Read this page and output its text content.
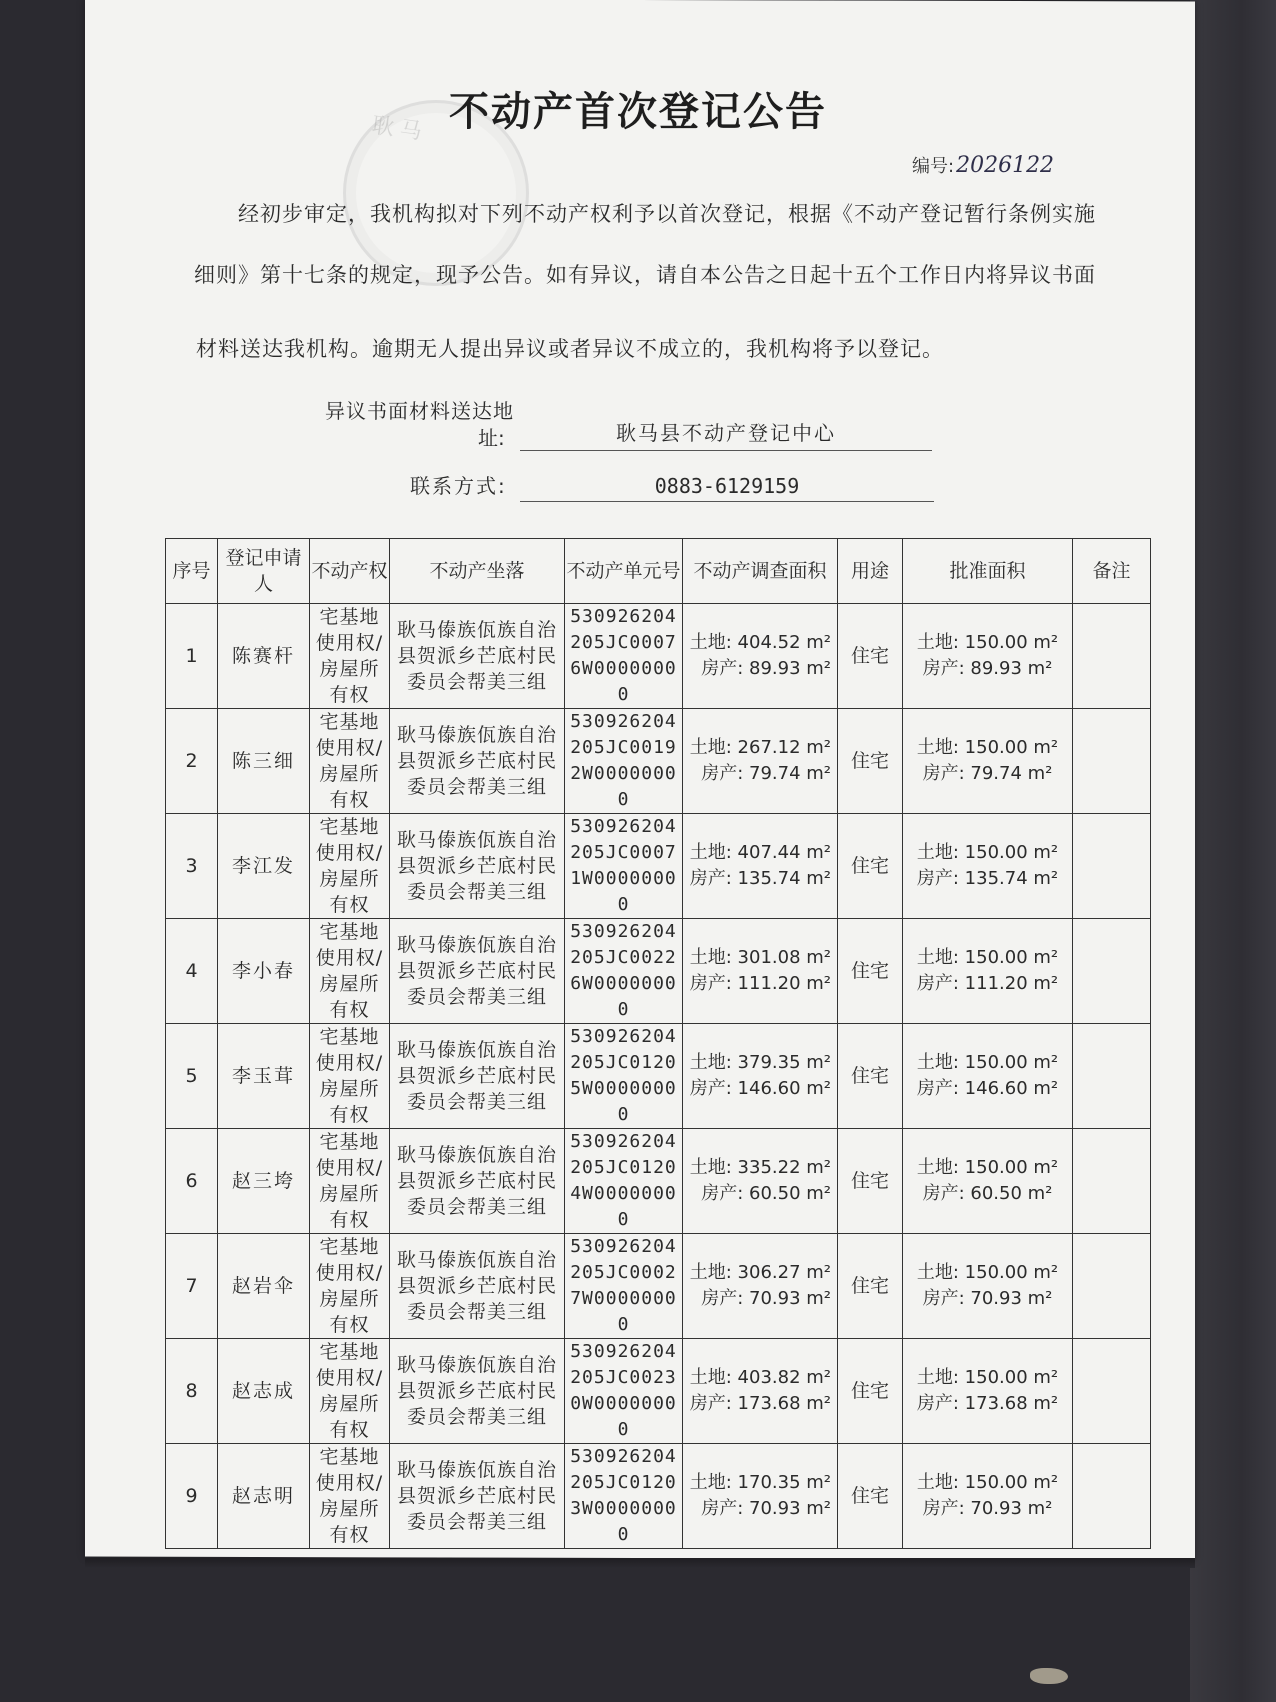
耿马 不动产首次登记公告
编号:2026122
经初步审定，我机构拟对下列不动产权利予以首次登记，根据《不动产登记暂行条例实施
细则》第十七条的规定，现予公告。如有异议，请自本公告之日起十五个工作日内将异议书面
材料送达我机构。逾期无人提出异议或者异议不成立的，我机构将予以登记。
异议书面材料送达地
址:	耿马县不动产登记中心
联系方式:	0883-6129159
序号	登记申请人	不动产权	不动产坐落	不动产单元号	不动产调查面积	用途	批准面积	备注
1	陈赛杆	宅基地使用权/房屋所有权	耿马傣族佤族自治县贺派乡芒底村民委员会帮美三组	530926204205JC00076W00000000	土地: 404.52 m²
房产: 89.93 m²	住宅	土地: 150.00 m²
房产: 89.93 m²	

2	陈三细	宅基地使用权/房屋所有权	耿马傣族佤族自治县贺派乡芒底村民委员会帮美三组	530926204205JC00192W00000000	土地: 267.12 m²
房产: 79.74 m²	住宅	土地: 150.00 m²
房产: 79.74 m²	

3	李江发	宅基地使用权/房屋所有权	耿马傣族佤族自治县贺派乡芒底村民委员会帮美三组	530926204205JC00071W00000000	土地: 407.44 m²
房产: 135.74 m²	住宅	土地: 150.00 m²
房产: 135.74 m²	

4	李小春	宅基地使用权/房屋所有权	耿马傣族佤族自治县贺派乡芒底村民委员会帮美三组	530926204205JC00226W00000000	土地: 301.08 m²
房产: 111.20 m²	住宅	土地: 150.00 m²
房产: 111.20 m²	

5	李玉茸	宅基地使用权/房屋所有权	耿马傣族佤族自治县贺派乡芒底村民委员会帮美三组	530926204205JC01205W00000000	土地: 379.35 m²
房产: 146.60 m²	住宅	土地: 150.00 m²
房产: 146.60 m²	

6	赵三垮	宅基地使用权/房屋所有权	耿马傣族佤族自治县贺派乡芒底村民委员会帮美三组	530926204205JC01204W00000000	土地: 335.22 m²
房产: 60.50 m²	住宅	土地: 150.00 m²
房产: 60.50 m²	

7	赵岩伞	宅基地使用权/房屋所有权	耿马傣族佤族自治县贺派乡芒底村民委员会帮美三组	530926204205JC00027W00000000	土地: 306.27 m²
房产: 70.93 m²	住宅	土地: 150.00 m²
房产: 70.93 m²	

8	赵志成	宅基地使用权/房屋所有权	耿马傣族佤族自治县贺派乡芒底村民委员会帮美三组	530926204205JC00230W00000000	土地: 403.82 m²
房产: 173.68 m²	住宅	土地: 150.00 m²
房产: 173.68 m²	

9	赵志明	宅基地使用权/房屋所有权	耿马傣族佤族自治县贺派乡芒底村民委员会帮美三组	530926204205JC01203W00000000	土地: 170.35 m²
房产: 70.93 m²	住宅	土地: 150.00 m²
房产: 70.93 m²	
